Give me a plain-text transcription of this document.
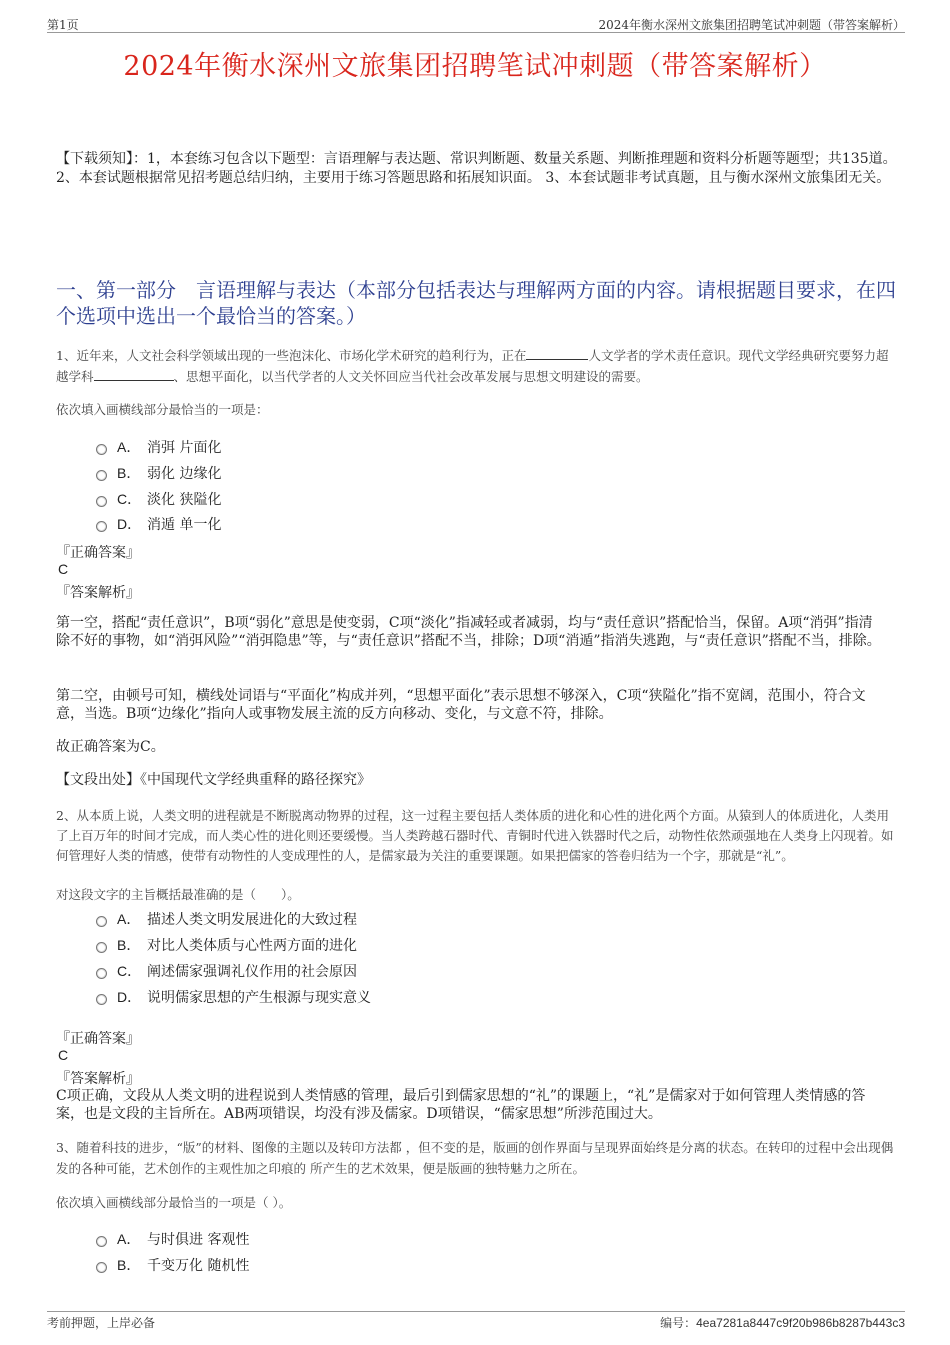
第1页	2024年衡水深州文旅集团招聘笔试冲刺题（带答案解析）
2024年衡水深州文旅集团招聘笔试冲刺题（带答案解析）
【下载须知】：1，本套练习包含以下题型：言语理解与表达题、常识判断题、数量关系题、判断推理题和资料分析题等题型；共135道。 2、本套试题根据常见招考题总结归纳，主要用于练习答题思路和拓展知识面。 3、本套试题非考试真题，且与衡水深州文旅集团无关。
一、第一部分　言语理解与表达（本部分包括表达与理解两方面的内容。请根据题目要求，在四个选项中选出一个最恰当的答案。）
1、近年来，人文社会科学领域出现的一些泡沫化、市场化学术研究的趋利行为，正在	人文学者的学术责任意识。现代文学经典研究要努力超越学科	、思想平面化，以当代学者的人文关怀回应当代社会改革发展与思想文明建设的需要。
依次填入画横线部分最恰当的一项是：
A． 消弭 片面化
B． 弱化 边缘化
C． 淡化 狭隘化
D． 消遁 单一化
『正确答案』
C
『答案解析』
第一空，搭配“责任意识”，B项“弱化”意思是使变弱，C项“淡化”指减轻或者减弱，均与“责任意识”搭配恰当，保留。A项“消弭”指清除不好的事物，如“消弭风险”“消弭隐患”等，与“责任意识”搭配不当，排除；D项“消遁”指消失逃跑，与“责任意识”搭配不当，排除。
第二空，由顿号可知，横线处词语与“平面化”构成并列，“思想平面化”表示思想不够深入，C项“狭隘化”指不宽阔，范围小，符合文意，当选。B项“边缘化”指向人或事物发展主流的反方向移动、变化，与文意不符，排除。
故正确答案为C。
【文段出处】《中国现代文学经典重释的路径探究》
2、从本质上说，人类文明的进程就是不断脱离动物界的过程，这一过程主要包括人类体质的进化和心性的进化两个方面。从猿到人的体质进化，人类用了上百万年的时间才完成，而人类心性的进化则还要缓慢。当人类跨越石器时代、青铜时代进入铁器时代之后，动物性依然顽强地在人类身上闪现着。如何管理好人类的情感，使带有动物性的人变成理性的人，是儒家最为关注的重要课题。如果把儒家的答卷归结为一个字，那就是“礼”。
对这段文字的主旨概括最准确的是（　　）。
A． 描述人类文明发展进化的大致过程
B． 对比人类体质与心性两方面的进化
C． 阐述儒家强调礼仪作用的社会原因
D． 说明儒家思想的产生根源与现实意义
『正确答案』
C
『答案解析』
C项正确，文段从人类文明的进程说到人类情感的管理，最后引到儒家思想的“礼”的课题上，“礼”是儒家对于如何管理人类情感的答案，也是文段的主旨所在。AB两项错误，均没有涉及儒家。D项错误，“儒家思想”所涉范围过大。
3、随着科技的进步，“版”的材料、图像的主题以及转印方法都 ，但不变的是，版画的创作界面与呈现界面始终是分离的状态。在转印的过程中会出现偶发的各种可能，艺术创作的主观性加之印痕的 所产生的艺术效果，便是版画的独特魅力之所在。
依次填入画横线部分最恰当的一项是（ ）。
A． 与时俱进 客观性
B． 千变万化 随机性
考前押题，上岸必备	编号：4ea7281a8447c9f20b986b8287b443c3
